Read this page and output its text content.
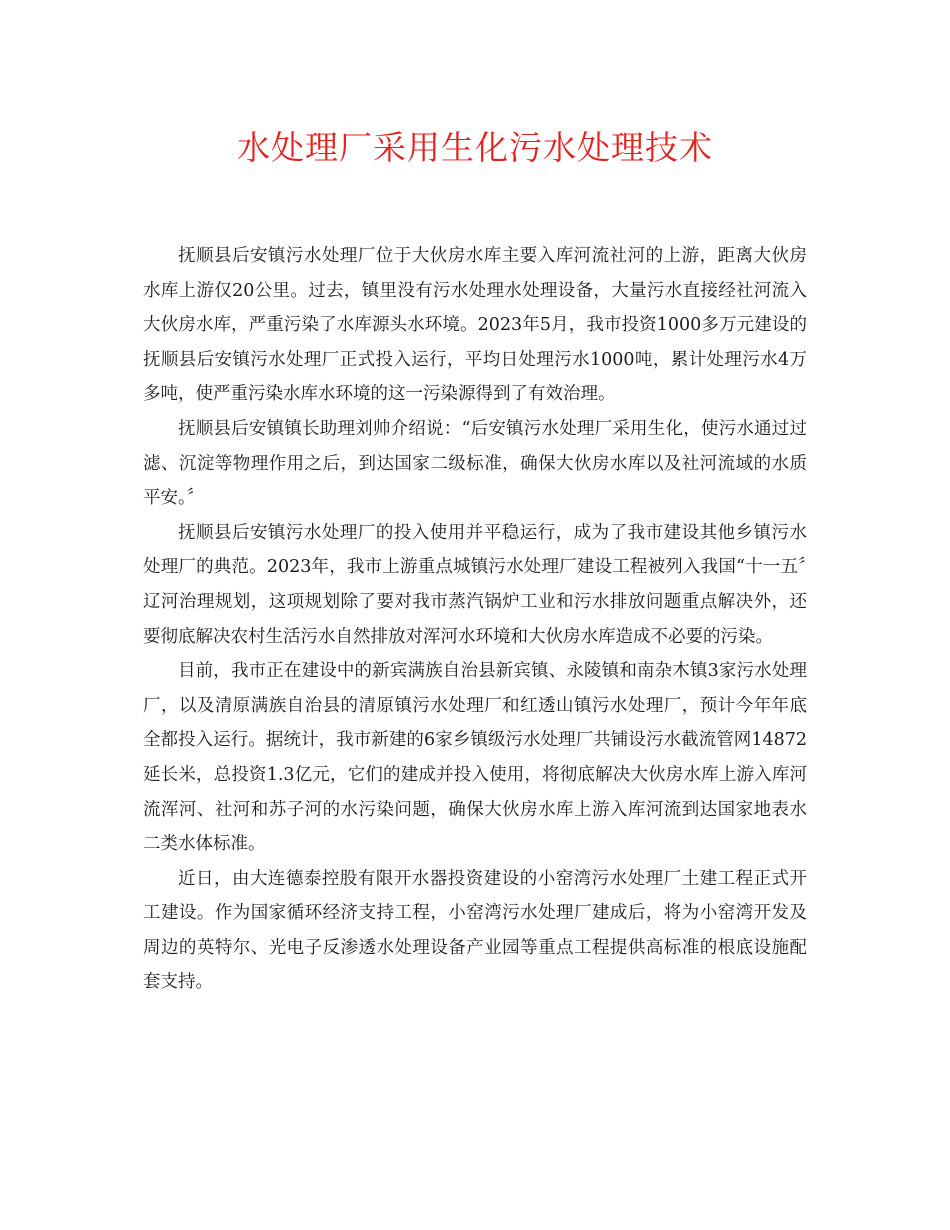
水处理厂采用生化污水处理技术

抚顺县后安镇污水处理厂位于大伙房水库主要入库河流社河的上游，距离大伙房水库上游仅20公里。过去，镇里没有污水处理水处理设备，大量污水直接经社河流入大伙房水库，严重污染了水库源头水环境。2023年5月，我市投资1000多万元建设的抚顺县后安镇污水处理厂正式投入运行，平均日处理污水1000吨，累计处理污水4万多吨，使严重污染水库水环境的这一污染源得到了有效治理。

抚顺县后安镇镇长助理刘帅介绍说：“后安镇污水处理厂采用生化，使污水通过过滤、沉淀等物理作用之后，到达国家二级标准，确保大伙房水库以及社河流域的水质平安。〞

抚顺县后安镇污水处理厂的投入使用并平稳运行，成为了我市建设其他乡镇污水处理厂的典范。2023年，我市上游重点城镇污水处理厂建设工程被列入我国“十一五〞辽河治理规划，这项规划除了要对我市蒸汽锅炉工业和污水排放问题重点解决外，还要彻底解决农村生活污水自然排放对浑河水环境和大伙房水库造成不必要的污染。

目前，我市正在建设中的新宾满族自治县新宾镇、永陵镇和南杂木镇3家污水处理厂，以及清原满族自治县的清原镇污水处理厂和红透山镇污水处理厂，预计今年年底全都投入运行。据统计，我市新建的6家乡镇级污水处理厂共铺设污水截流管网14872延长米，总投资1.3亿元，它们的建成并投入使用，将彻底解决大伙房水库上游入库河流浑河、社河和苏子河的水污染问题，确保大伙房水库上游入库河流到达国家地表水二类水体标准。

近日，由大连德泰控股有限开水器投资建设的小窑湾污水处理厂土建工程正式开工建设。作为国家循环经济支持工程，小窑湾污水处理厂建成后，将为小窑湾开发及周边的英特尔、光电子反渗透水处理设备产业园等重点工程提供高标准的根底设施配套支持。
